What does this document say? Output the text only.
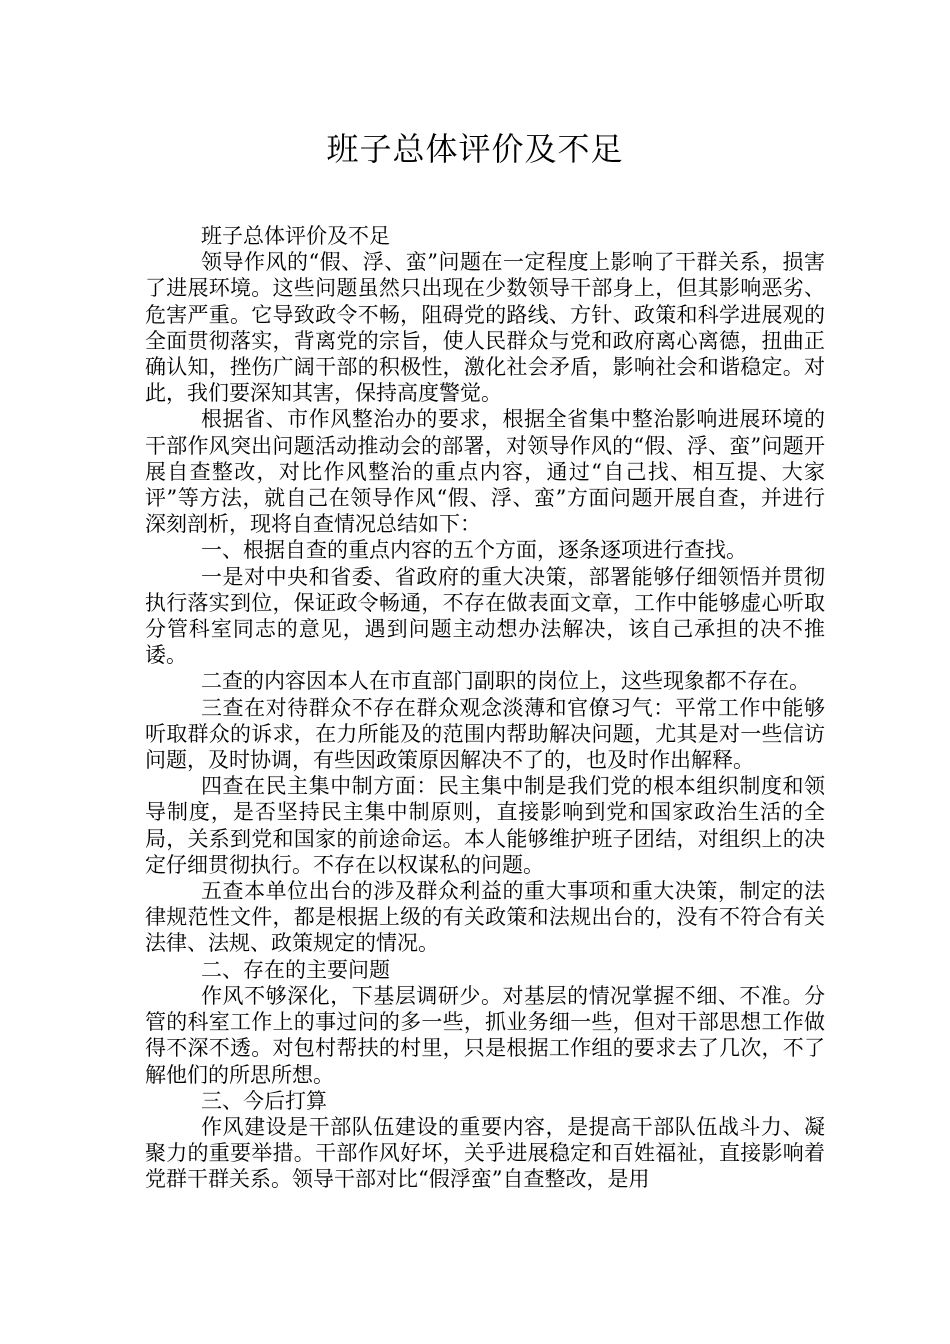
班子总体评价及不足

班子总体评价及不足

领导作风的“假、浮、蛮”问题在一定程度上影响了干群关系，损害了进展环境。这些问题虽然只出现在少数领导干部身上，但其影响恶劣、危害严重。它导致政令不畅，阻碍党的路线、方针、政策和科学进展观的全面贯彻落实，背离党的宗旨，使人民群众与党和政府离心离德，扭曲正确认知，挫伤广阔干部的积极性，激化社会矛盾，影响社会和谐稳定。对此，我们要深知其害，保持高度警觉。

根据省、市作风整治办的要求，根据全省集中整治影响进展环境的干部作风突出问题活动推动会的部署，对领导作风的“假、浮、蛮”问题开展自查整改，对比作风整治的重点内容，通过“自己找、相互提、大家评”等方法，就自己在领导作风“假、浮、蛮”方面问题开展自查，并进行深刻剖析，现将自查情况总结如下：

一、根据自查的重点内容的五个方面，逐条逐项进行查找。

一是对中央和省委、省政府的重大决策，部署能够仔细领悟并贯彻执行落实到位，保证政令畅通，不存在做表面文章，工作中能够虚心听取分管科室同志的意见，遇到问题主动想办法解决，该自己承担的决不推诿。

二查的内容因本人在市直部门副职的岗位上，这些现象都不存在。

三查在对待群众不存在群众观念淡薄和官僚习气：平常工作中能够听取群众的诉求，在力所能及的范围内帮助解决问题，尤其是对一些信访问题，及时协调，有些因政策原因解决不了的，也及时作出解释。

四查在民主集中制方面：民主集中制是我们党的根本组织制度和领导制度，是否坚持民主集中制原则，直接影响到党和国家政治生活的全局，关系到党和国家的前途命运。本人能够维护班子团结，对组织上的决定仔细贯彻执行。不存在以权谋私的问题。

五查本单位出台的涉及群众利益的重大事项和重大决策，制定的法律规范性文件，都是根据上级的有关政策和法规出台的，没有不符合有关法律、法规、政策规定的情况。

二、存在的主要问题

作风不够深化，下基层调研少。对基层的情况掌握不细、不准。分管的科室工作上的事过问的多一些，抓业务细一些，但对干部思想工作做得不深不透。对包村帮扶的村里，只是根据工作组的要求去了几次，不了解他们的所思所想。

三、今后打算

作风建设是干部队伍建设的重要内容，是提高干部队伍战斗力、凝聚力的重要举措。干部作风好坏，关乎进展稳定和百姓福祉，直接影响着党群干群关系。领导干部对比“假浮蛮”自查整改，是用
